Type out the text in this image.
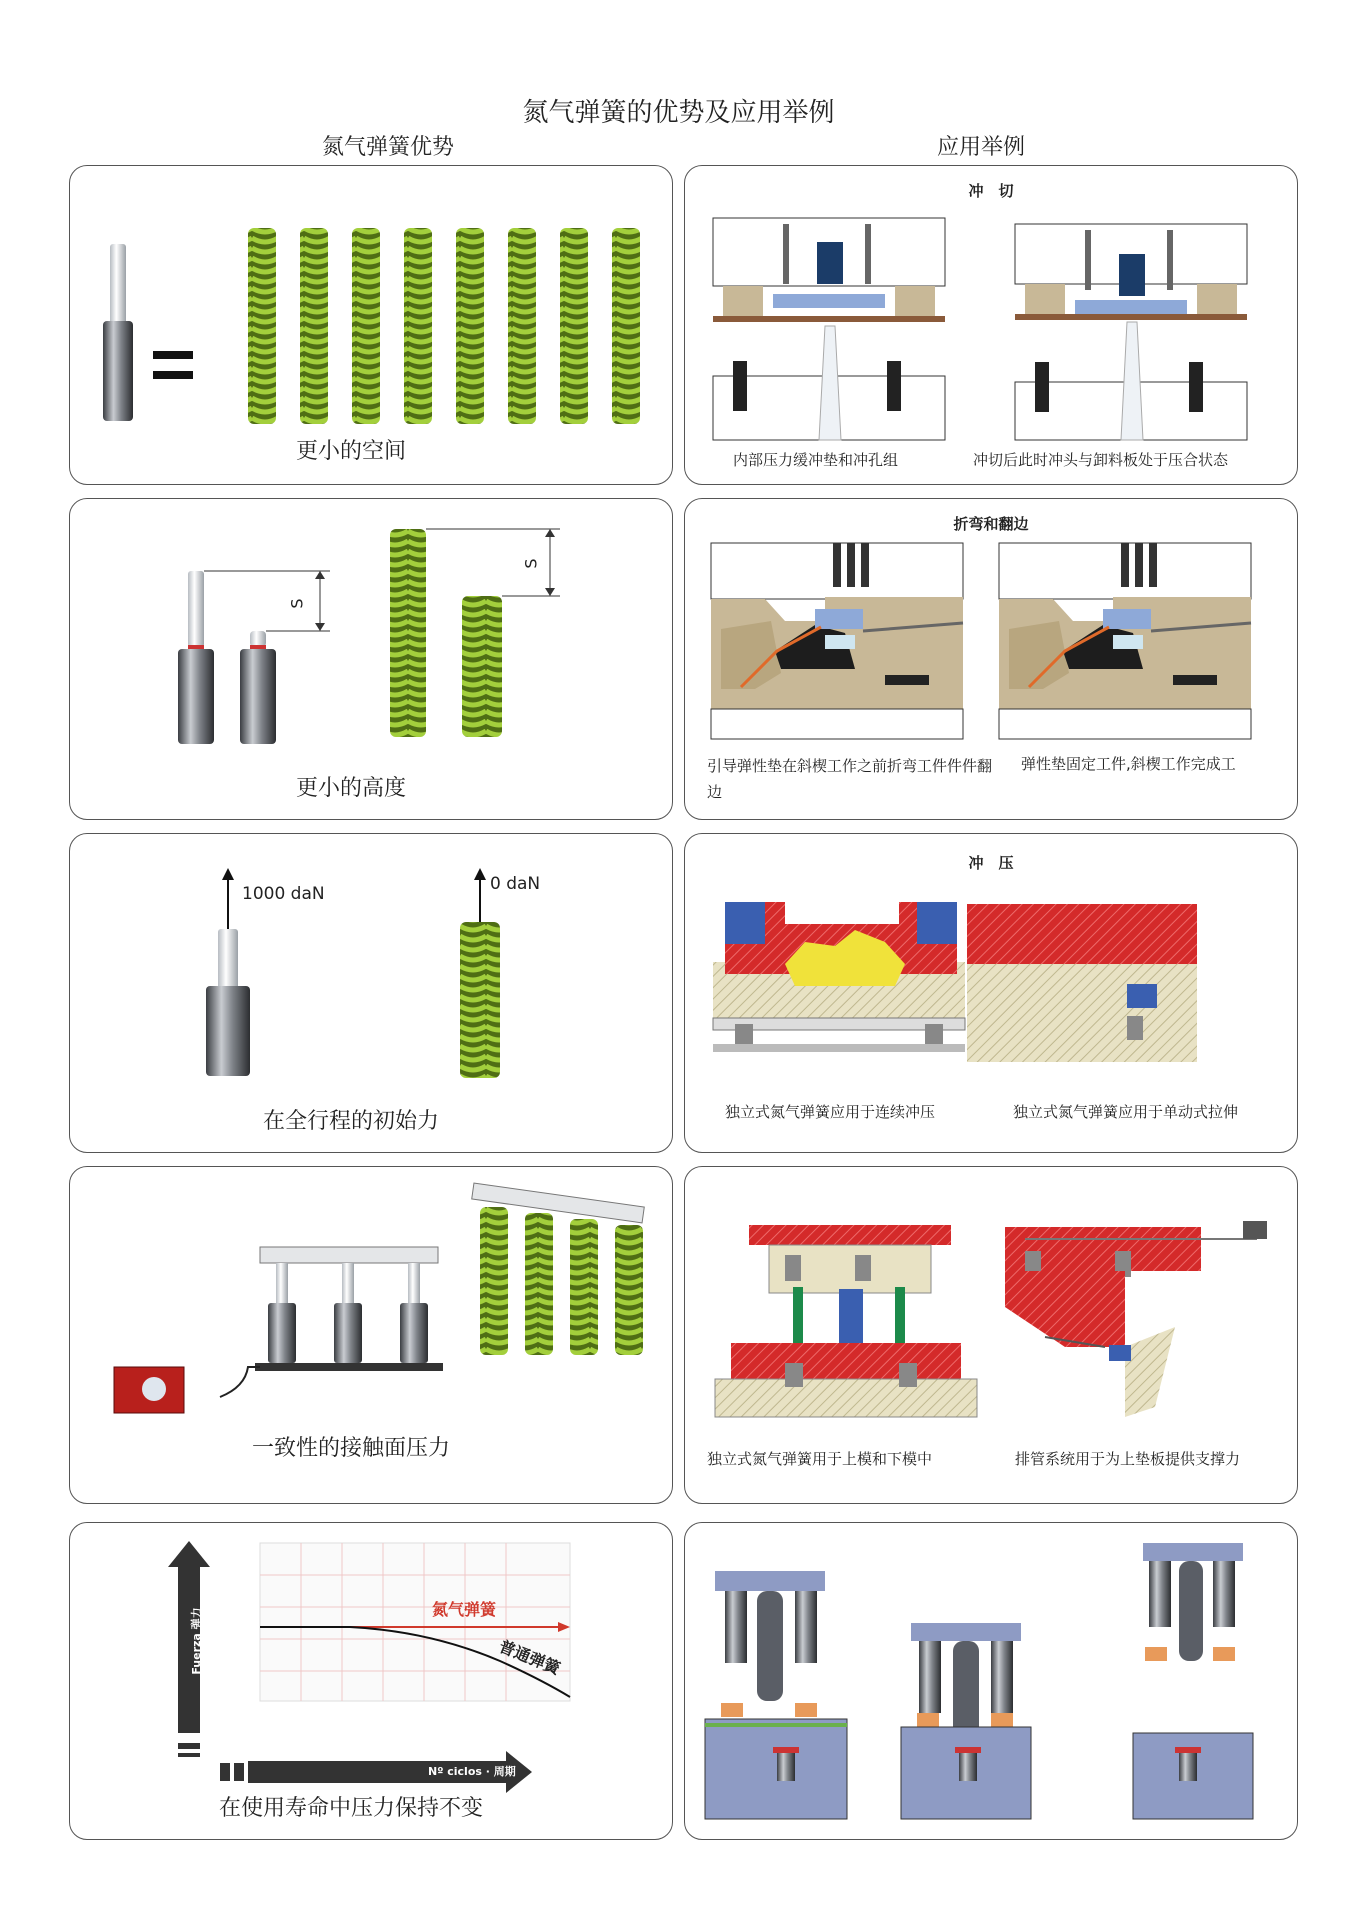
氮气弹簧的优势及应用举例
氮气弹簧优势	应用举例
更小的空间
S
S
更小的高度
1000 daN	0 daN
在全行程的初始力
一致性的接触面压力
Fuerza 弹力
Nº ciclos · 周期
氮气弹簧
普通弹簧
在使用寿命中压力保持不变
冲　切
内部压力缓冲垫和冲孔组	冲切后此时冲头与卸料板处于压合状态
折弯和翻边
引导弹性垫在斜楔工作之前折弯工件件件翻边
弹性垫固定工件,斜楔工作完成工
冲　压
独立式氮气弹簧应用于连续冲压	独立式氮气弹簧应用于单动式拉伸
独立式氮气弹簧用于上模和下模中	排管系统用于为上垫板提供支撑力
